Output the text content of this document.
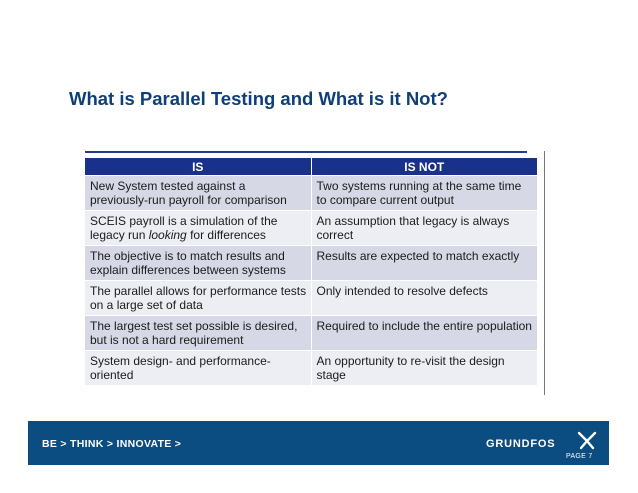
What is Parallel Testing and What is it Not?
IS	IS NOT
New System tested against a previously-run payroll for comparison	Two systems running at the same time to compare current output
SCEIS payroll is a simulation of the legacy run looking for differences	An assumption that legacy is always correct
The objective is to match results and explain differences between systems	Results are expected to match exactly
The parallel allows for performance tests on a large set of data	Only intended to resolve defects
The largest test set possible is desired, but is not a hard requirement	Required to include the entire population
System design- and performance-oriented	An opportunity to re-visit the design stage
BE > THINK > INNOVATE >	GRUNDFOS
PAGE 7
